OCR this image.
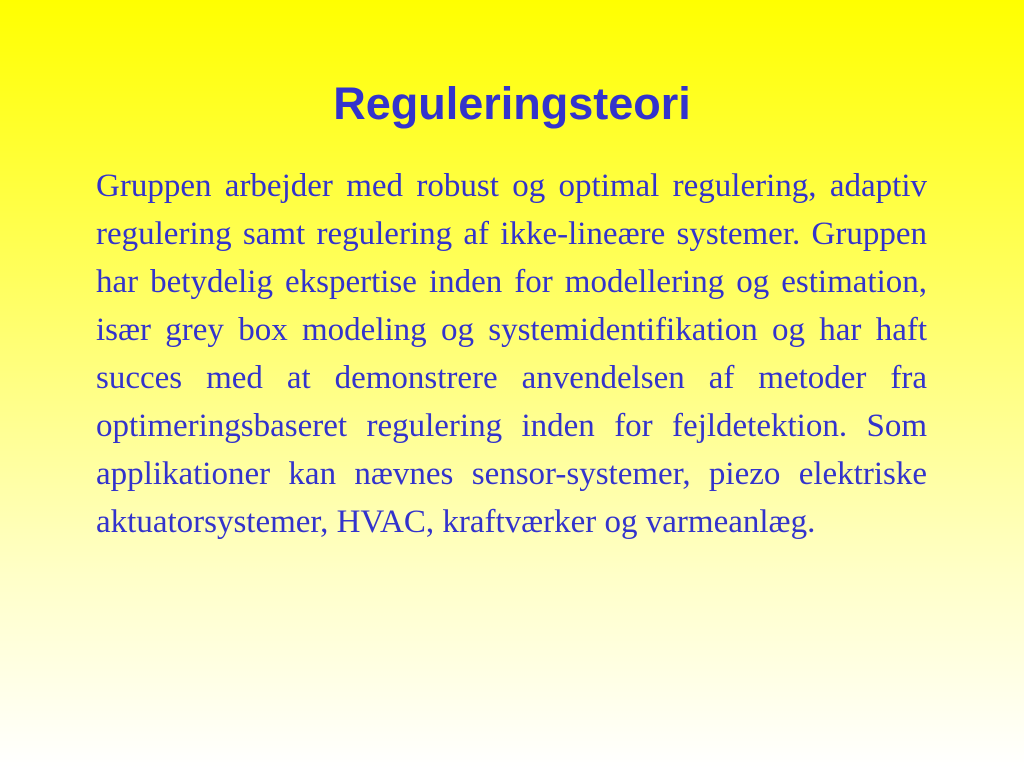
Reguleringsteori

Gruppen arbejder med robust og optimal regulering, adaptiv regulering samt regulering af ikke-lineære systemer. Gruppen har betydelig ekspertise inden for modellering og estimation, især grey box modeling og systemidentifikation og har haft succes med at demonstrere anvendelsen af metoder fra optimeringsbaseret regulering inden for fejldetektion. Som applikationer kan nævnes sensor-systemer, piezo elektriske aktuatorsystemer, HVAC, kraftværker og varmeanlæg.
